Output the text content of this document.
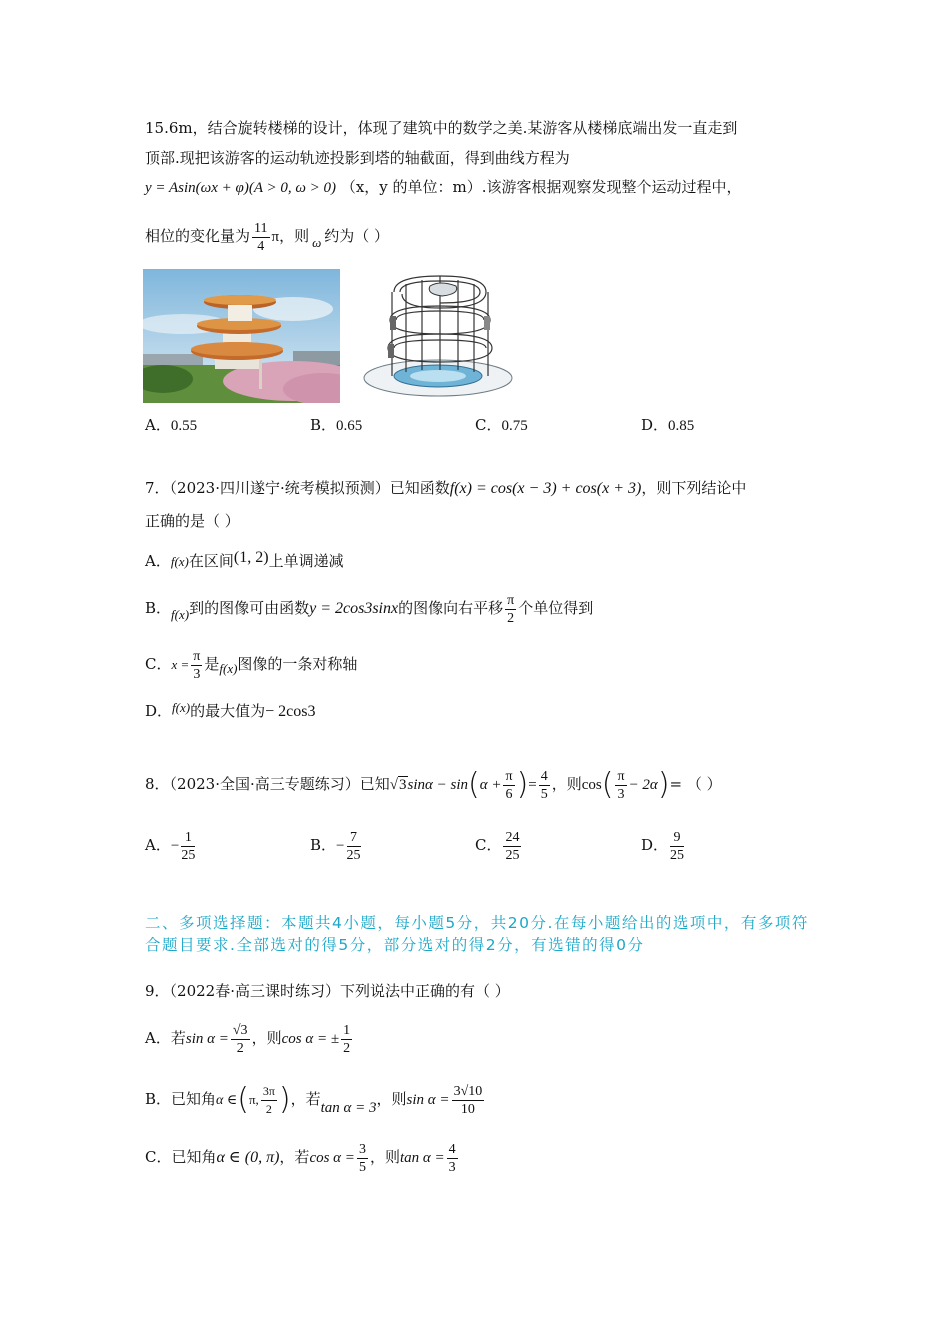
15.6m，结合旋转楼梯的设计，体现了建筑中的数学之美.某游客从楼梯底端出发一直走到
顶部.现把该游客的运动轨迹投影到塔的轴截面，得到曲线方程为
y = Asin(ωx + φ)(A > 0, ω > 0) （x，y 的单位：m）.该游客根据观察发现整个运动过程中，
相位的变化量为 $\frac{11}{4}$ π，则 ω 约为（ ）
A．0.55	B．0.65	C．0.75	D．0.85
7．（2023·四川遂宁·统考模拟预测）已知函数f(x) = cos(x − 3) + cos(x + 3)，则下列结论中
正确的是（ ）
A．f(x)在区间(1, 2)上单调递减
B．f(x)到的图像可由函数y = 2cos3sinx的图像向右平移 $\frac{\pi}{2}$ 个单位得到
C．$x = \frac{\pi}{3}$ 是f(x)图像的一条对称轴
D．f(x)的最大值为− 2cos3
8．（2023·全国·高三专题练习）已知$√3\sin\alpha - \sin(\alpha + \frac{\pi}{6}$ )= $\frac{4}{5}$ ，则$\cos( \frac{\pi}{3} - 2\alpha)=$ （ ）
A．− $\frac{1}{25}$	B．− $\frac{7}{25}$	C． $\frac{24}{25}$	D． $\frac{9}{25}$
二、多项选择题：本题共4小题，每小题5分，共20分.在每小题给出的选项中，有多项符合题目要求.全部选对的得5分，部分选对的得2分，有选错的得0分
9．（2022春·高三课时练习）下列说法中正确的有（ ）
A．若$\sin \alpha = \frac{√3}{2}$ ，则cos α = ± $\frac{1}{2}$
B．已知角α ∈(π, $\frac{3\pi}{2}$ )，若tan α = 3，则$\sin \alpha = \frac{3√10}{10}$
C．已知角α ∈ (0, π)，若$\cos \alpha = \frac{3}{5}$ ，则$\tan \alpha = \frac{4}{3}$
